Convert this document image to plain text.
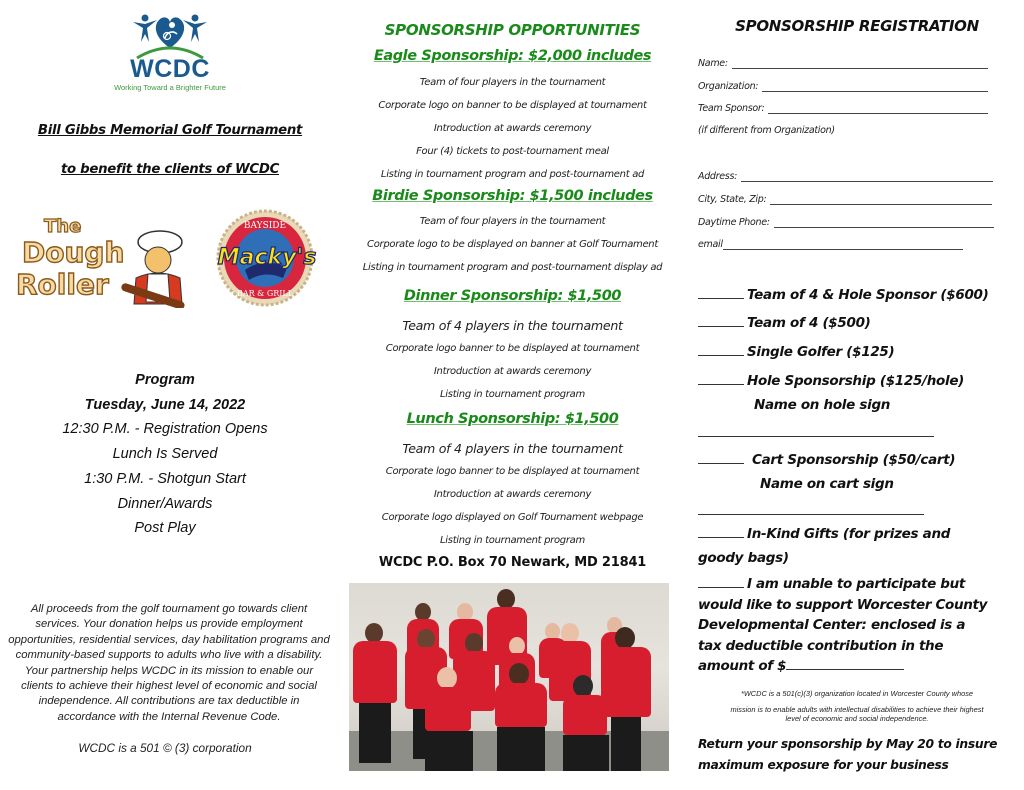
WCDC
Working Toward a Brighter Future
Bill Gibbs Memorial Golf Tournament
to benefit the clients of WCDC
The
Dough
Roller
BAYSIDE
Macky's
BAR & GRILL
Program
Tuesday, June 14, 2022
12:30 P.M. - Registration Opens
Lunch Is Served
1:30 P.M. - Shotgun Start
Dinner/Awards
Post Play
All proceeds from the golf tournament go towards client services. Your donation helps us provide employment opportunities, residential services, day habilitation programs and community-based supports to adults who live with a disability. Your partnership helps WCDC in its mission to enable our clients to achieve their highest level of economic and social independence. All contributions are tax deductible in accordance with the Internal Revenue Code.
WCDC is a 501 © (3) corporation
SPONSORSHIP OPPORTUNITIES
Eagle Sponsorship: $2,000 includes
Team of four players in the tournament
Corporate logo on banner to be displayed at tournament
Introduction at awards ceremony
Four (4) tickets to post-tournament meal
Listing in tournament program and post-tournament ad
Birdie Sponsorship: $1,500 includes
Team of four players in the tournament
Corporate logo to be displayed on banner at Golf Tournament
Listing in tournament program and post-tournament display ad
Dinner Sponsorship: $1,500
Team of 4 players in the tournament
Corporate logo banner to be displayed at tournament
Introduction at awards ceremony
Listing in tournament program
Lunch Sponsorship: $1,500
Team of 4 players in the tournament
Corporate logo banner to be displayed at tournament
Introduction at awards ceremony
Corporate logo displayed on Golf Tournament webpage
Listing in tournament program
WCDC P.O. Box 70 Newark, MD 21841
SPONSORSHIP REGISTRATION
Name:
Organization:
Team Sponsor:
(if different from Organization)
Address:
City, State, Zip:
Daytime Phone:
email
Team of 4 & Hole Sponsor ($600)
Team of 4 ($500)
Single Golfer ($125)
Hole Sponsorship ($125/hole)
Name on hole sign
Cart Sponsorship ($50/cart)
Name on cart sign
In-Kind Gifts (for prizes and
goody bags)
I am unable to participate but
would like to support Worcester County
Developmental Center: enclosed is a
tax deductible contribution in the
amount of $
*WCDC is a 501(c)(3) organization located in Worcester County whose
mission is to enable adults with intellectual disabilities to achieve their highest
level of economic and social independence.
Return your sponsorship by May 20 to insure
maximum exposure for your business
